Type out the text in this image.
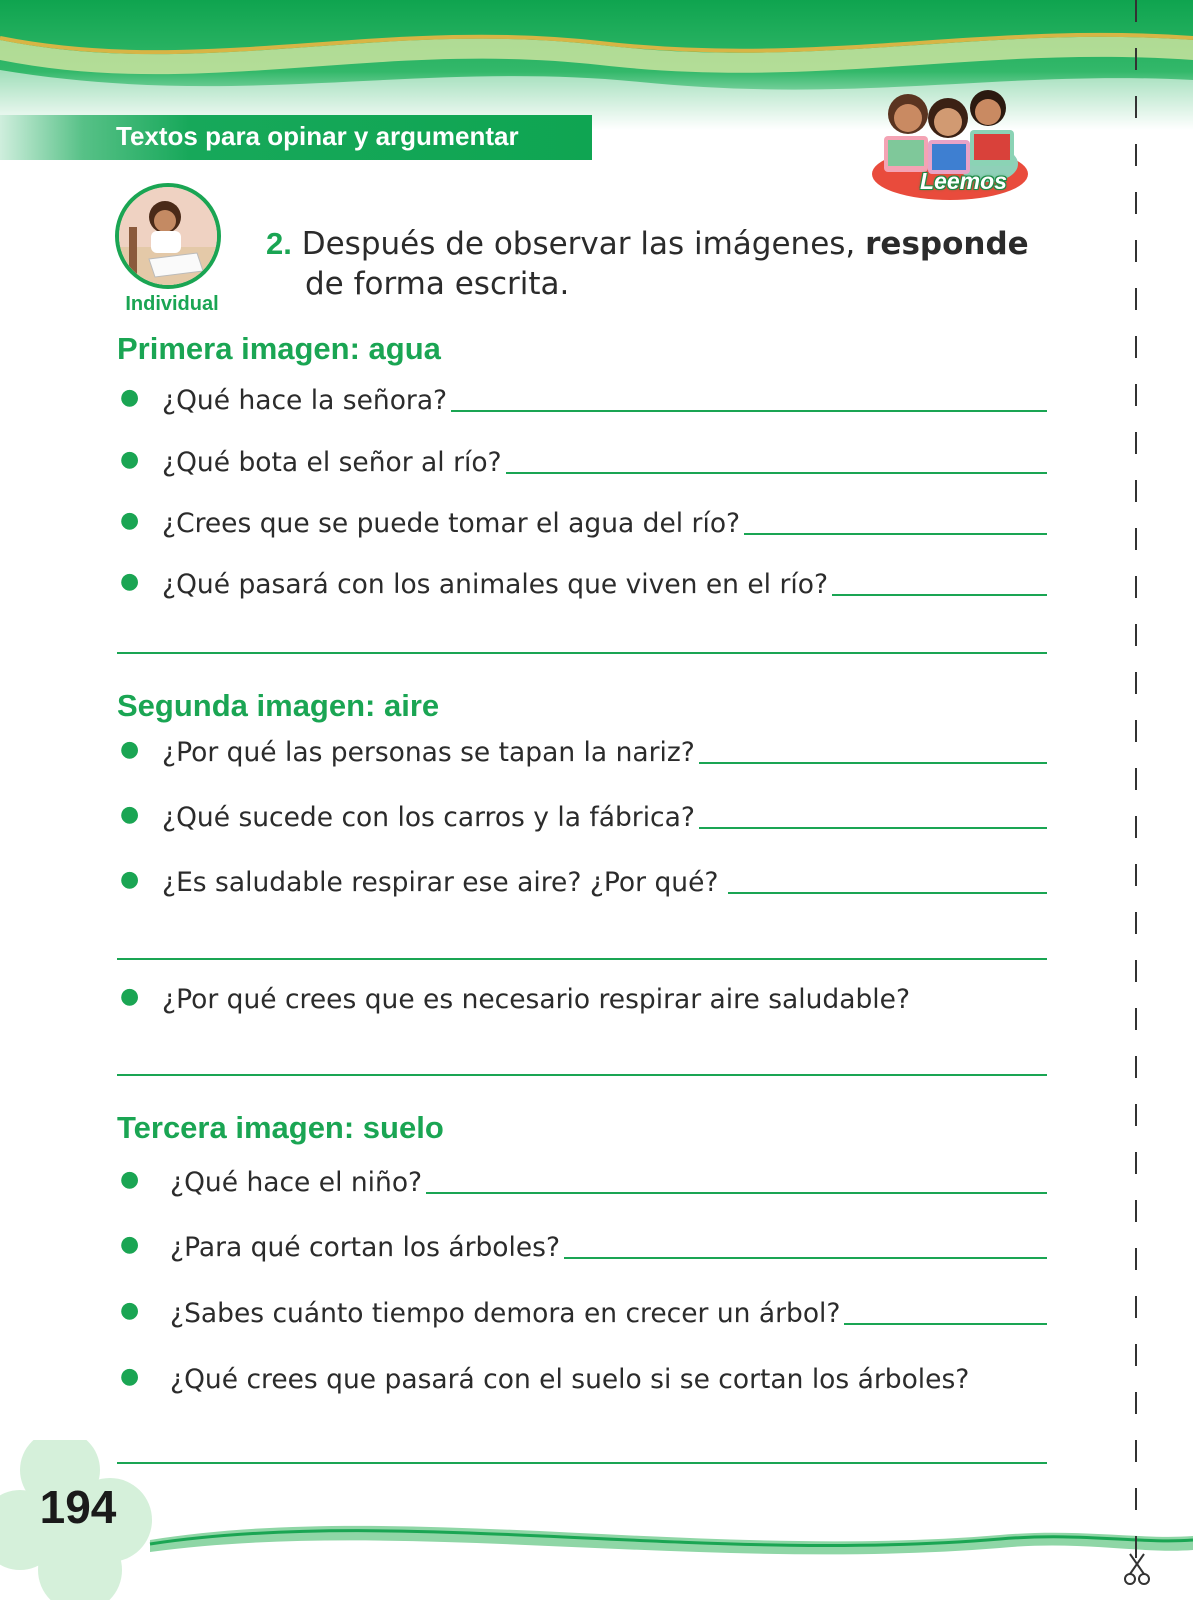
Textos para opinar y argumentar
Leemos
Individual
2. Después de observar las imágenes, responde
de forma escrita.
Primera imagen: agua
● ¿Qué hace la señora?
● ¿Qué bota el señor al río?
● ¿Crees que se puede tomar el agua del río?
● ¿Qué pasará con los animales que viven en el río?
Segunda imagen: aire
● ¿Por qué las personas se tapan la nariz?
● ¿Qué sucede con los carros y la fábrica?
● ¿Es saludable respirar ese aire? ¿Por qué?
● ¿Por qué crees que es necesario respirar aire saludable?
Tercera imagen: suelo
●	¿Qué hace el niño?
●	¿Para qué cortan los árboles?
●	¿Sabes cuánto tiempo demora en crecer un árbol?
●	¿Qué crees que pasará con el suelo si se cortan los árboles?
194
